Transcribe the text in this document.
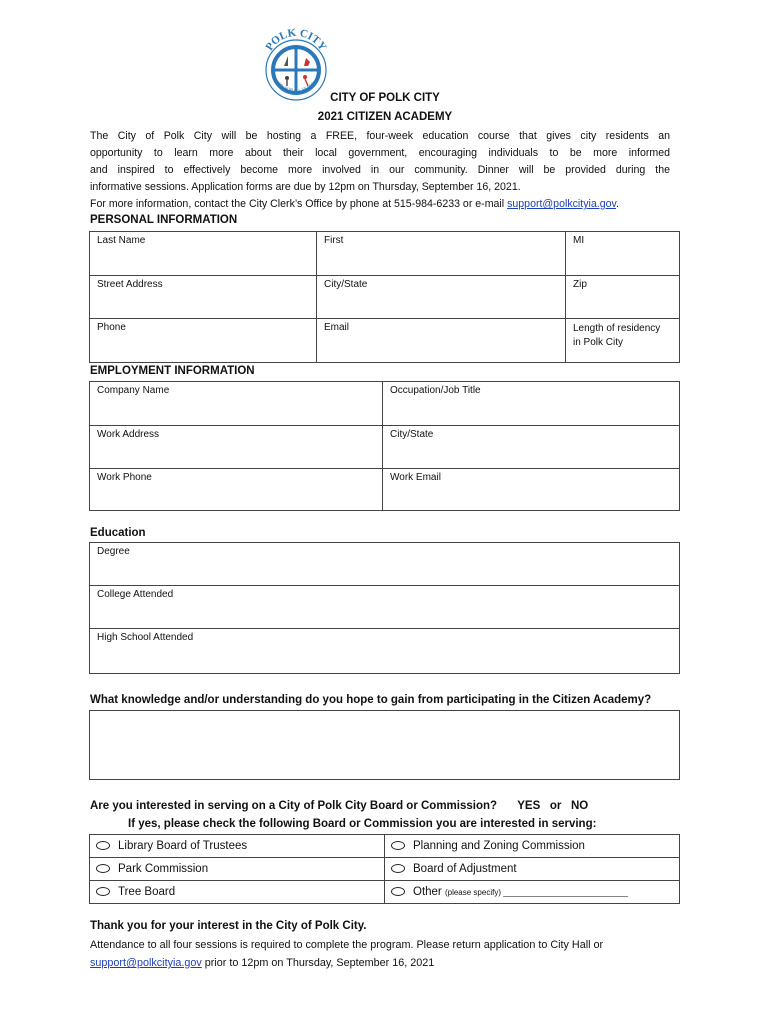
POLK CITY
A CITY FOR ALL SEASONS
CITY OF POLK CITY
2021 CITIZEN ACADEMY

The City of Polk City will be hosting a FREE, four-week education course that gives city residents an

opportunity to learn more about their local government, encouraging individuals to be more informed

and inspired to effectively become more involved in our community. Dinner will be provided during the

informative sessions. Application forms are due by 12pm on Thursday, September 16, 2021.

For more information, contact the City Clerk’s Office by phone at 515-984-6233 or e-mail support@polkcityia.gov.

PERSONAL INFORMATION
Last Name	First	MI
Street Address	City/State	Zip
Phone	Email	Length of residency
in Polk City
EMPLOYMENT INFORMATION
Company Name	Occupation/Job Title
Work Address	City/State
Work Phone	Work Email
Education
Degree
College Attended
High School Attended
What knowledge and/or understanding do you hope to gain from participating in the Citizen Academy?
Are you interested in serving on a City of Polk City Board or Commission? YES or NO
If yes, please check the following Board or Commission you are interested in serving:
Library Board of Trustees	Planning and Zoning Commission
Park Commission	Board of Adjustment
Tree Board	Other (please specify) ____________________________
Thank you for your interest in the City of Polk City.
Attendance to all four sessions is required to complete the program. Please return application to City Hall or
support@polkcityia.gov prior to 12pm on Thursday, September 16, 2021
